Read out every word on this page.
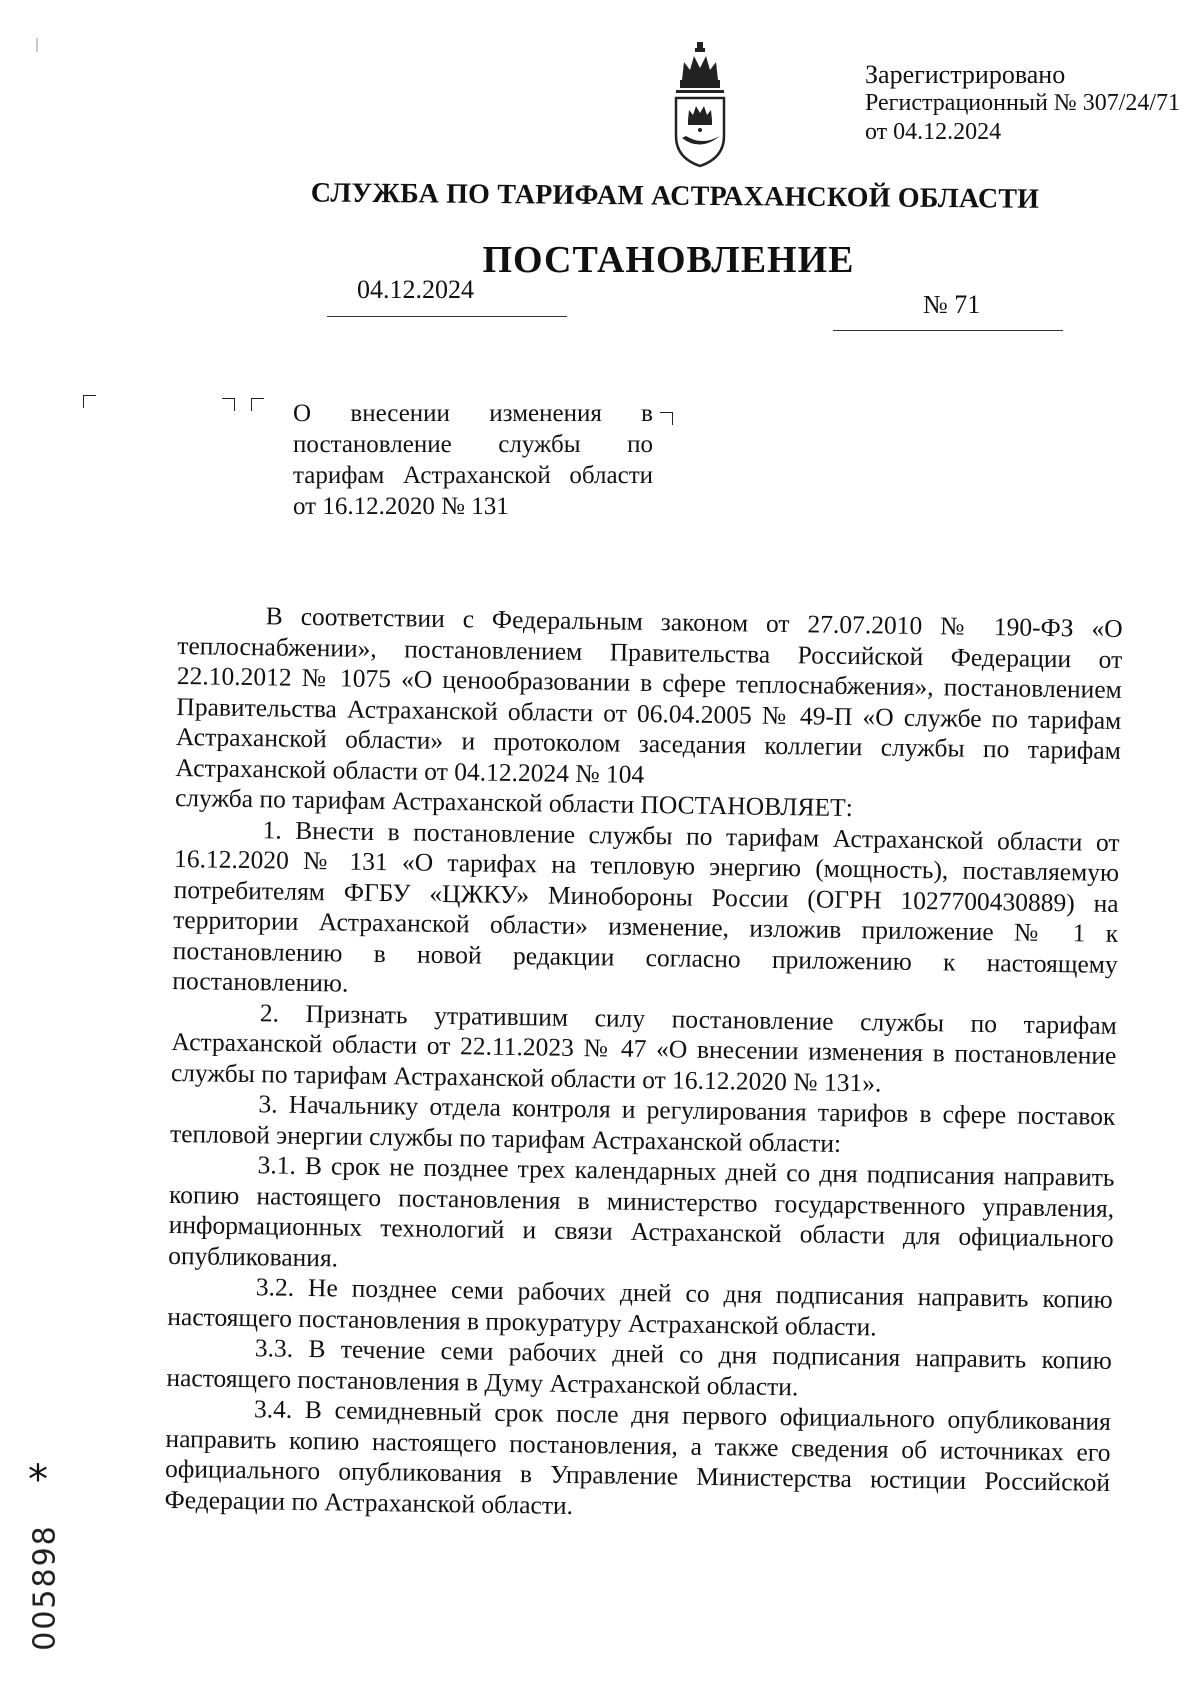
Зарегистрировано
Регистрационный № 307/24/71
от 04.12.2024
СЛУЖБА ПО ТАРИФАМ АСТРАХАНСКОЙ ОБЛАСТИ
ПОСТАНОВЛЕНИЕ
04.12.2024
№ 71
О внесении изменения в постановление службы по тарифам Астраханской области от 16.12.2020 № 131

В соответствии с Федеральным законом от 27.07.2010 № 190-ФЗ «О теплоснабжении», постановлением Правительства Российской Федерации от 22.10.2012 № 1075 «О ценообразовании в сфере теплоснабжения», постановлением Правительства Астраханской области от 06.04.2005 № 49-П «О службе по тарифам Астраханской области» и протоколом заседания коллегии службы по тарифам Астраханской области от 04.12.2024 № 104

служба по тарифам Астраханской области ПОСТАНОВЛЯЕТ:

1. Внести в постановление службы по тарифам Астраханской области от 16.12.2020 № 131 «О тарифах на тепловую энергию (мощность), поставляемую потребителям ФГБУ «ЦЖКУ» Минобороны России (ОГРН 1027700430889) на территории Астраханской области» изменение, изложив приложение № 1 к постановлению в новой редакции согласно приложению к настоящему постановлению.

2. Признать утратившим силу постановление службы по тарифам Астраханской области от 22.11.2023 № 47 «О внесении изменения в постановление службы по тарифам Астраханской области от 16.12.2020 № 131».

3. Начальнику отдела контроля и регулирования тарифов в сфере поставок тепловой энергии службы по тарифам Астраханской области:

3.1. В срок не позднее трех календарных дней со дня подписания направить копию настоящего постановления в министерство государственного управления, информационных технологий и связи Астраханской области для официального опубликования.

3.2. Не позднее семи рабочих дней со дня подписания направить копию настоящего постановления в прокуратуру Астраханской области.

3.3. В течение семи рабочих дней со дня подписания направить копию настоящего постановления в Думу Астраханской области.

3.4. В семидневный срок после дня первого официального опубликования направить копию настоящего постановления, а также сведения об источниках его официального опубликования в Управление Министерства юстиции Российской Федерации по Астраханской области.

*
005898
